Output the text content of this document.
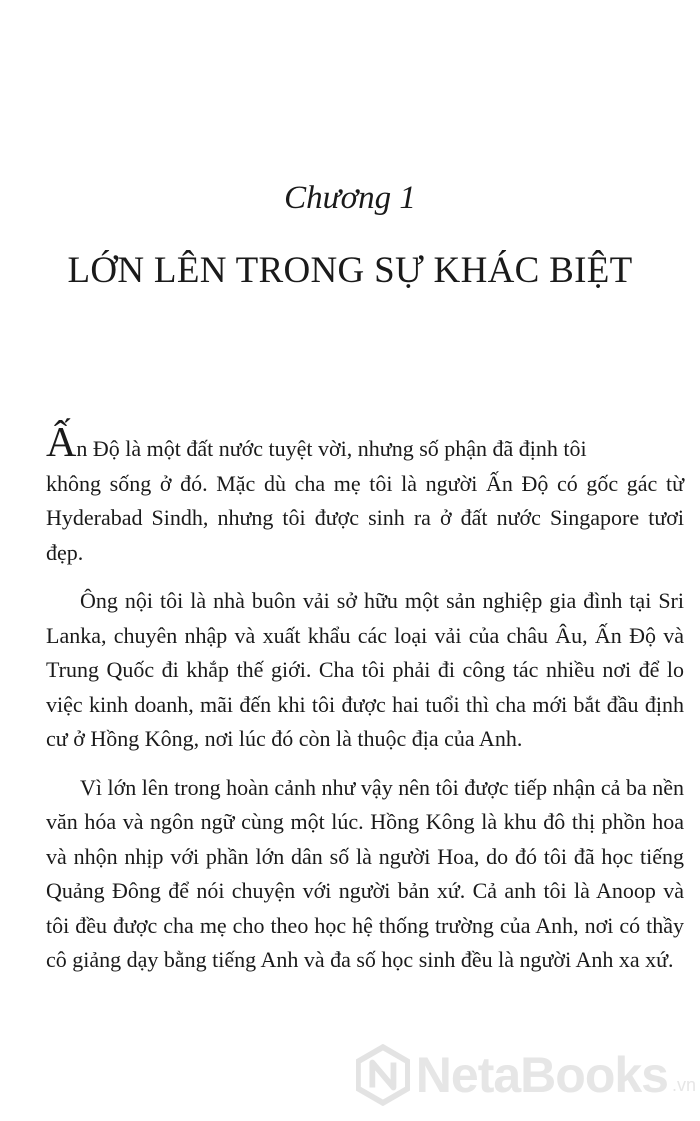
Chương 1
LỚN LÊN TRONG SỰ KHÁC BIỆT

Ấn Độ là một đất nước tuyệt vời, nhưng số phận đã định tôi
không sống ở đó. Mặc dù cha mẹ tôi là người Ấn Độ có gốc gác từ Hyderabad Sindh, nhưng tôi được sinh ra ở đất nước Singapore tươi đẹp.

Ông nội tôi là nhà buôn vải sở hữu một sản nghiệp gia đình tại Sri Lanka, chuyên nhập và xuất khẩu các loại vải của châu Âu, Ấn Độ và Trung Quốc đi khắp thế giới. Cha tôi phải đi công tác nhiều nơi để lo việc kinh doanh, mãi đến khi tôi được hai tuổi thì cha mới bắt đầu định cư ở Hồng Kông, nơi lúc đó còn là thuộc địa của Anh.

Vì lớn lên trong hoàn cảnh như vậy nên tôi được tiếp nhận cả ba nền văn hóa và ngôn ngữ cùng một lúc. Hồng Kông là khu đô thị phồn hoa và nhộn nhịp với phần lớn dân số là người Hoa, do đó tôi đã học tiếng Quảng Đông để nói chuyện với người bản xứ. Cả anh tôi là Anoop và tôi đều được cha mẹ cho theo học hệ thống trường của Anh, nơi có thầy cô giảng dạy bằng tiếng Anh và đa số học sinh đều là người Anh xa xứ.

NetaBooks .vn
